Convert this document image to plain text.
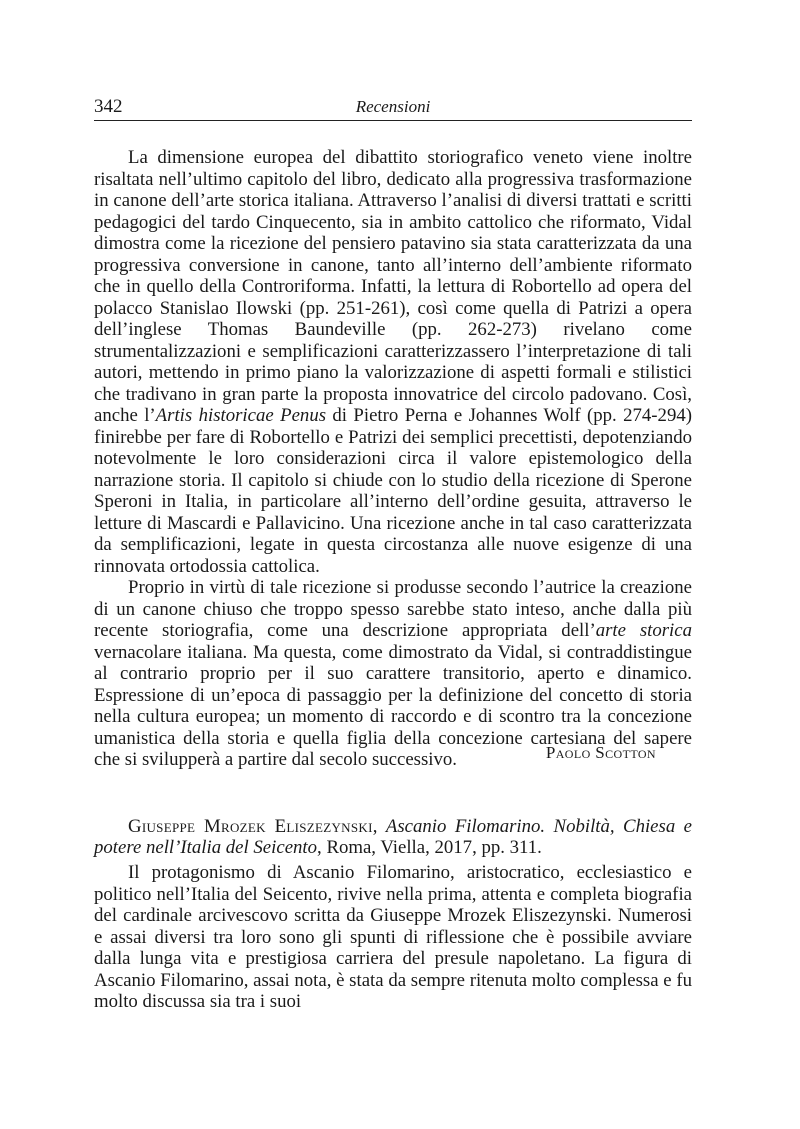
342	Recensioni

La dimensione europea del dibattito storiografico veneto viene inoltre risaltata nell’ultimo capitolo del libro, dedicato alla progressiva trasformazione in canone dell’arte storica italiana. Attraverso l’analisi di diversi trattati e scritti pedagogici del tardo Cinquecento, sia in ambito cattolico che riformato, Vidal dimostra come la ricezione del pensiero patavino sia stata caratterizzata da una progressiva conversione in canone, tanto all’interno dell’ambiente riformato che in quello della Controriforma. Infatti, la lettura di Robortello ad opera del polacco Stanislao Ilowski (pp. 251-261), così come quella di Patrizi a opera dell’inglese Thomas Baundeville (pp. 262-273) rivelano come strumentalizzazioni e semplificazioni caratterizzassero l’interpretazione di tali autori, mettendo in primo piano la valorizzazione di aspetti formali e stilistici che tradivano in gran parte la proposta innovatrice del circolo padovano. Così, anche l’Artis historicae Penus di Pietro Perna e Johannes Wolf (pp. 274-294) finirebbe per fare di Robortello e Patrizi dei semplici precettisti, depotenziando notevolmente le loro considerazioni circa il valore epistemologico della narrazione storia. Il capitolo si chiude con lo studio della ricezione di Sperone Speroni in Italia, in particolare all’interno dell’ordine gesuita, attraverso le letture di Mascardi e Pallavicino. Una ricezione anche in tal caso caratterizzata da semplificazioni, legate in questa circostanza alle nuove esigenze di una rinnovata ortodossia cattolica.

Proprio in virtù di tale ricezione si produsse secondo l’autrice la creazione di un canone chiuso che troppo spesso sarebbe stato inteso, anche dalla più recente storiografia, come una descrizione appropriata dell’arte storica vernacolare italiana. Ma questa, come dimostrato da Vidal, si contraddistingue al contrario proprio per il suo carattere transitorio, aperto e dinamico. Espressione di un’epoca di passaggio per la definizione del concetto di storia nella cultura europea; un momento di raccordo e di scontro tra la concezione umanistica della storia e quella figlia della concezione cartesiana del sapere che si svilupperà a partire dal secolo successivo.	Paolo Scotton

Giuseppe Mrozek Eliszezynski, Ascanio Filomarino. Nobiltà, Chiesa e potere nell’Italia del Seicento, Roma, Viella, 2017, pp. 311.

Il protagonismo di Ascanio Filomarino, aristocratico, ecclesiastico e politico nell’Italia del Seicento, rivive nella prima, attenta e completa biografia del cardinale arcivescovo scritta da Giuseppe Mrozek Eliszezynski. Numerosi e assai diversi tra loro sono gli spunti di riflessione che è possibile avviare dalla lunga vita e prestigiosa carriera del presule napoletano. La figura di Ascanio Filomarino, assai nota, è stata da sempre ritenuta molto complessa e fu molto discussa sia tra i suoi
